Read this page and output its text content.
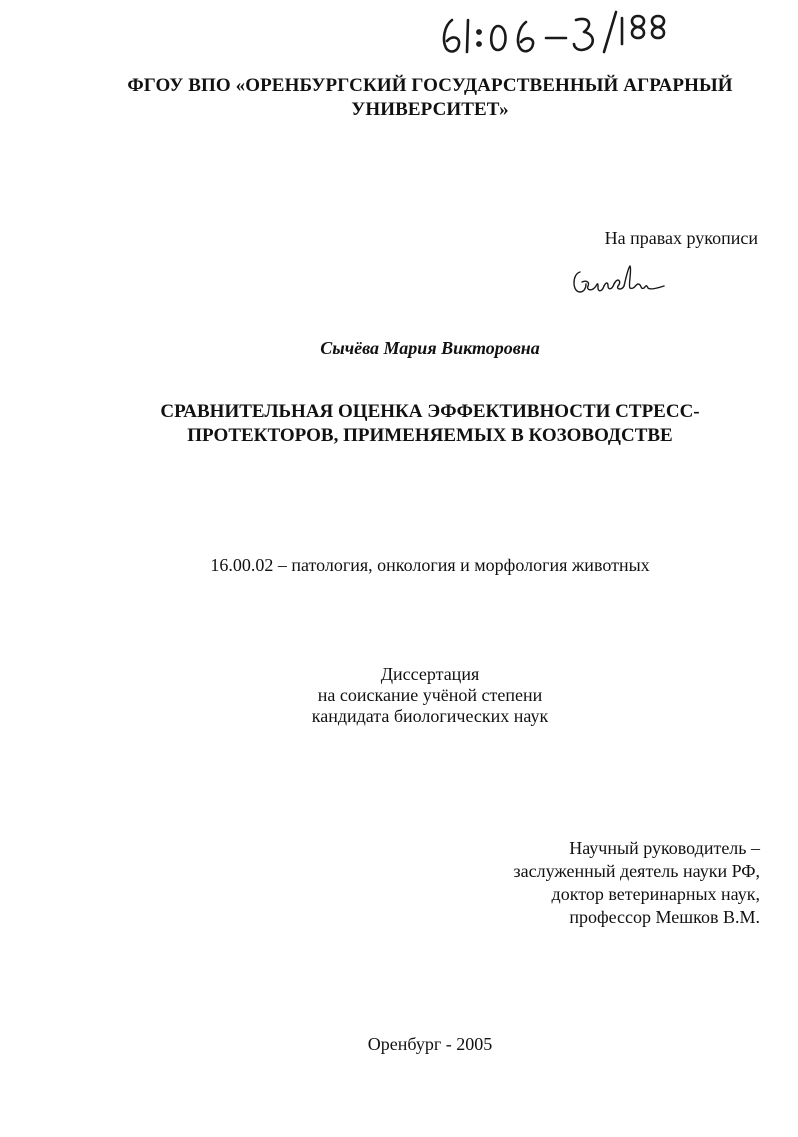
ФГОУ ВПО «ОРЕНБУРГСКИЙ ГОСУДАРСТВЕННЫЙ АГРАРНЫЙ
УНИВЕРСИТЕТ»
На правах рукописи
Сычёва Мария Викторовна
СРАВНИТЕЛЬНАЯ ОЦЕНКА ЭФФЕКТИВНОСТИ СТРЕСС-
ПРОТЕКТОРОВ, ПРИМЕНЯЕМЫХ В КОЗОВОДСТВЕ
16.00.02 – патология, онкология и морфология животных
Диссертация
на соискание учёной степени
кандидата биологических наук
Научный руководитель –
заслуженный деятель науки РФ,
доктор ветеринарных наук,
профессор Мешков В.М.
Оренбург - 2005
